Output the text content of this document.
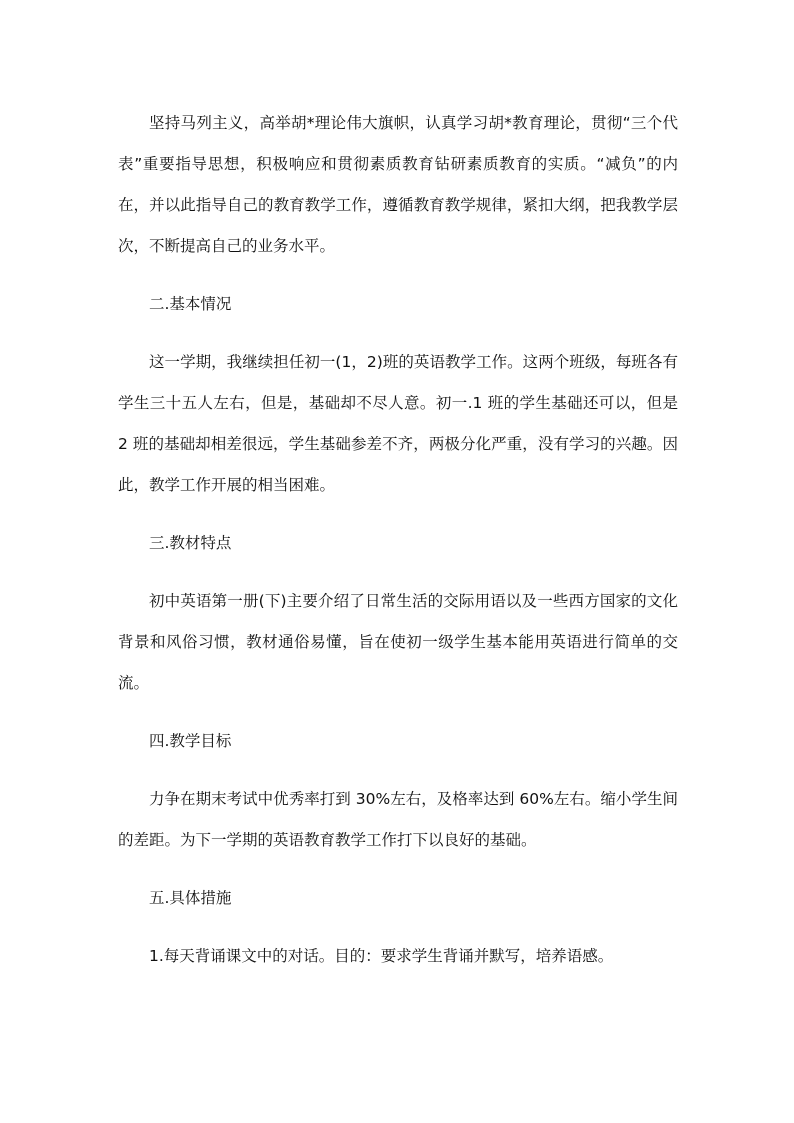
坚持马列主义，高举胡*理论伟大旗帜，认真学习胡*教育理论，贯彻“三个代表”重要指导思想，积极响应和贯彻素质教育钻研素质教育的实质。“减负”的内在，并以此指导自己的教育教学工作，遵循教育教学规律，紧扣大纲，把我教学层次，不断提高自己的业务水平。

二.基本情况

这一学期，我继续担任初一(1，2)班的英语教学工作。这两个班级，每班各有学生三十五人左右，但是，基础却不尽人意。初一.1 班的学生基础还可以，但是 2 班的基础却相差很远，学生基础参差不齐，两极分化严重，没有学习的兴趣。因此，教学工作开展的相当困难。

三.教材特点

初中英语第一册(下)主要介绍了日常生活的交际用语以及一些西方国家的文化背景和风俗习惯，教材通俗易懂，旨在使初一级学生基本能用英语进行简单的交流。

四.教学目标

力争在期末考试中优秀率打到 30%左右，及格率达到 60%左右。缩小学生间的差距。为下一学期的英语教育教学工作打下以良好的基础。

五.具体措施

1.每天背诵课文中的对话。目的：要求学生背诵并默写，培养语感。
